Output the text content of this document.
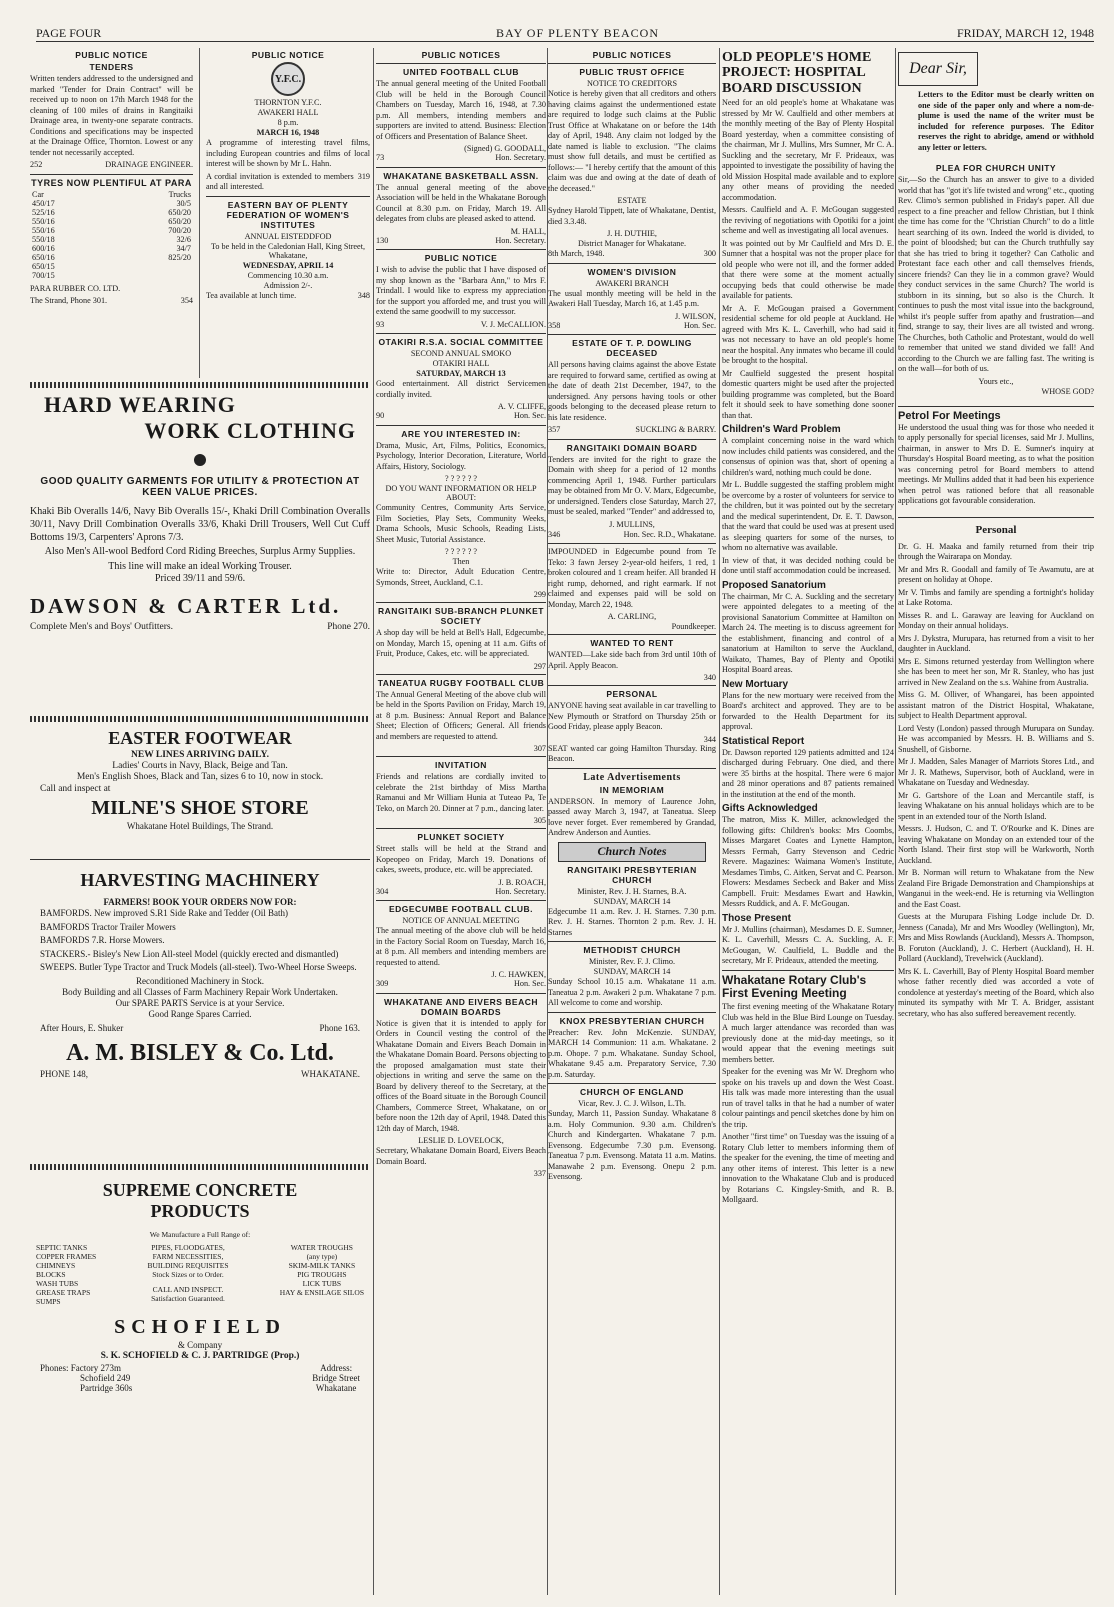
PAGE FOUR	BAY OF PLENTY BEACON	FRIDAY, MARCH 12, 1948

PUBLIC NOTICE

TENDERS

Written tenders addressed to the undersigned and marked "Tender for Drain Contract" will be received up to noon on 17th March 1948 for the cleaning of 100 miles of drains in Rangitaiki Drainage area, in twenty-one separate contracts. Conditions and specifications may be inspected at the Drainage Office, Thornton. Lowest or any tender not necessarily accepted.

252	DRAINAGE ENGINEER.

TYRES NOW PLENTIFUL AT PARA

Car	Trucks
450/17	30/5
525/16	650/20
550/16	650/20
550/16	700/20
550/18	32/6
600/16	34/7
650/16	825/20
650/15	
700/15	

PARA RUBBER CO. LTD.

The Strand, Phone 301.	354

PUBLIC NOTICE

Y.F.C.

THORNTON Y.F.C.

AWAKERI HALL

8 p.m.

MARCH 16, 1948

A programme of interesting travel films, including European countries and films of local interest will be shown by Mr L. Hahn.

A cordial invitation is extended to members and all interested.
319

EASTERN BAY OF PLENTY FEDERATION OF WOMEN'S INSTITUTES

ANNUAL EISTEDDFOD

To be held in the Caledonian Hall, King Street, Whakatane,

WEDNESDAY, APRIL 14

Commencing 10.30 a.m.

Admission 2/-.

Tea available at lunch time.	348

HARD WEARING
WORK CLOTHING

GOOD QUALITY GARMENTS FOR UTILITY & PROTECTION AT KEEN VALUE PRICES.

Khaki Bib Overalls 14/6, Navy Bib Overalls 15/-, Khaki Drill Combination Overalls 30/11, Navy Drill Combination Overalls 33/6, Khaki Drill Trousers, Well Cut Cuff Bottoms 19/3, Carpenters' Aprons 7/3.

Also Men's All-wool Bedford Cord Riding Breeches, Surplus Army Supplies.

This line will make an ideal Working Trouser.

Priced 39/11 and 59/6.

DAWSON & CARTER Ltd.

Complete Men's and Boys' Outfitters.	Phone 270.

EASTER FOOTWEAR

NEW LINES ARRIVING DAILY.

Ladies' Courts in Navy, Black, Beige and Tan.

Men's English Shoes, Black and Tan, sizes 6 to 10, now in stock.

Call and inspect at

MILNE'S SHOE STORE

Whakatane Hotel Buildings, The Strand.

HARVESTING MACHINERY

FARMERS! BOOK YOUR ORDERS NOW FOR:

BAMFORDS. New improved S.R1 Side Rake and Tedder (Oil Bath)

BAMFORDS Tractor Trailer Mowers

BAMFORDS 7.R. Horse Mowers.

STACKERS.- Bisley's New Lion All-steel Model (quickly erected and dismantled)

SWEEPS. Butler Type Tractor and Truck Models (all-steel). Two-Wheel Horse Sweeps.

Reconditioned Machinery in Stock.

Body Building and all Classes of Farm Machinery Repair Work Undertaken.

Our SPARE PARTS Service is at your Service.

Good Range Spares Carried.

After Hours, E. Shuker	Phone 163.

A. M. BISLEY & Co. Ltd.

PHONE 148,	WHAKATANE.

SUPREME CONCRETE
PRODUCTS

We Manufacture a Full Range of:

SEPTIC TANKS
COPPER FRAMES
CHIMNEYS
BLOCKS
WASH TUBS
GREASE TRAPS
SUMPS
PIPES, FLOODGATES,
FARM NECESSITIES,
BUILDING REQUISITES
Stock Sizes or to Order.
CALL AND INSPECT.
Satisfaction Guaranteed.
WATER TROUGHS
(any type)
SKIM-MILK TANKS
PIG TROUGHS
LICK TUBS
HAY & ENSILAGE SILOS
SCHOFIELD

& Company

S. K. SCHOFIELD & C. J. PARTRIDGE (Prop.)

Phones: Factory 273m
Schofield 249
Partridge 360s
Address:
Bridge Street
Whakatane

PUBLIC NOTICES

UNITED FOOTBALL CLUB

The annual general meeting of the United Football Club will be held in the Borough Council Chambers on Tuesday, March 16, 1948, at 7.30 p.m. All members, intending members and supporters are invited to attend. Business: Election of Officers and Presentation of Balance Sheet.

(Signed) G. GOODALL,

73	Hon. Secretary.

WHAKATANE BASKETBALL ASSN.

The annual general meeting of the above Association will be held in the Whakatane Borough Council at 8.30 p.m. on Friday, March 19. All delegates from clubs are pleased asked to attend.

M. HALL,

130	Hon. Secretary.

PUBLIC NOTICE

I wish to advise the public that I have disposed of my shop known as the "Barbara Ann," to Mrs F. Trindall. I would like to express my appreciation for the support you afforded me, and trust you will extend the same goodwill to my successor.

93	V. J. McCALLION.

OTAKIRI R.S.A. SOCIAL COMMITTEE

SECOND ANNUAL SMOKO

OTAKIRI HALL

SATURDAY, MARCH 13

Good entertainment. All district Servicemen cordially invited.

A. V. CLIFFE,

90	Hon. Sec.

ARE YOU INTERESTED IN:

Drama, Music, Art, Films, Politics, Economics, Psychology, Interior Decoration, Literature, World Affairs, History, Sociology.

? ? ? ? ? ?

DO YOU WANT INFORMATION OR HELP ABOUT:

Community Centres, Community Arts Service, Film Societies, Play Sets, Community Weeks, Drama Schools, Music Schools, Reading Lists, Sheet Music, Tutorial Assistance.

? ? ? ? ? ?

Then

Write to: Director, Adult Education Centre, Symonds, Street, Auckland, C.1.

299

RANGITAIKI SUB-BRANCH PLUNKET SOCIETY

A shop day will be held at Bell's Hall, Edgecumbe, on Monday, March 15, opening at 11 a.m. Gifts of Fruit, Produce, Cakes, etc. will be appreciated.

297

TANEATUA RUGBY FOOTBALL CLUB

The Annual General Meeting of the above club will be held in the Sports Pavilion on Friday, March 19, at 8 p.m. Business: Annual Report and Balance Sheet; Election of Officers; General. All friends and members are requested to attend.

307

INVITATION

Friends and relations are cordially invited to celebrate the 21st birthday of Miss Martha Ramanui and Mr William Hunia at Tuteao Pa, Te Teko, on March 20. Dinner at 7 p.m., dancing later.

305

PLUNKET SOCIETY

Street stalls will be held at the Strand and Kopeopeo on Friday, March 19. Donations of cakes, sweets, produce, etc. will be appreciated.

J. B. ROACH,

304	Hon. Secretary.

EDGECUMBE FOOTBALL CLUB.

NOTICE OF ANNUAL MEETING

The annual meeting of the above club will be held in the Factory Social Room on Tuesday, March 16, at 8 p.m. All members and intending members are requested to attend.

J. C. HAWKEN,

309	Hon. Sec.

WHAKATANE AND EIVERS BEACH DOMAIN BOARDS

Notice is given that it is intended to apply for Orders in Council vesting the control of the Whakatane Domain and Eivers Beach Domain in the Whakatane Domain Board. Persons objecting to the proposed amalgamation must state their objections in writing and serve the same on the Board by delivery thereof to the Secretary, at the offices of the Board situate in the Borough Council Chambers, Commerce Street, Whakatane, on or before noon the 12th day of April, 1948. Dated this 12th day of March, 1948.

LESLIE D. LOVELOCK,

Secretary, Whakatane Domain Board, Eivers Beach Domain Board.

337

PUBLIC NOTICES

PUBLIC TRUST OFFICE

NOTICE TO CREDITORS

Notice is hereby given that all creditors and others having claims against the undermentioned estate are required to lodge such claims at the Public Trust Office at Whakatane on or before the 14th day of April, 1948. Any claim not lodged by the date named is liable to exclusion. "The claims must show full details, and must be certified as follows:— "I hereby certify that the amount of this claim was due and owing at the date of death of the deceased."

ESTATE

Sydney Harold Tippett, late of Whakatane, Dentist, died 3.3.48.

J. H. DUTHIE,

District Manager for Whakatane.

8th March, 1948.	300

WOMEN'S DIVISION

AWAKERI BRANCH

The usual monthly meeting will be held in the Awakeri Hall Tuesday, March 16, at 1.45 p.m.

J. WILSON,

358	Hon. Sec.

ESTATE OF T. P. DOWLING DECEASED

All persons having claims against the above Estate are required to forward same, certified as owing at the date of death 21st December, 1947, to the undersigned. Any persons having tools or other goods belonging to the deceased please return to his late residence.

357	SUCKLING & BARRY.

RANGITAIKI DOMAIN BOARD

Tenders are invited for the right to graze the Domain with sheep for a period of 12 months commencing April 1, 1948. Further particulars may be obtained from Mr O. V. Marx, Edgecumbe, or undersigned. Tenders close Saturday, March 27, must be sealed, marked "Tender" and addressed to,

J. MULLINS,

346	Hon. Sec. R.D., Whakatane.

IMPOUNDED in Edgecumbe pound from Te Teko: 3 fawn Jersey 2-year-old heifers, 1 red, 1 broken coloured and 1 cream heifer. All branded H right rump, dehorned, and right earmark. If not claimed and expenses paid will be sold on Monday, March 22, 1948.

A. CARLING,

Poundkeeper.

WANTED TO RENT

WANTED—Lake side bach from 3rd until 10th of April. Apply Beacon.

340

PERSONAL

ANYONE having seat available in car travelling to New Plymouth or Stratford on Thursday 25th or Good Friday, please apply Beacon.

344

SEAT wanted car going Hamilton Thursday. Ring Beacon.

Late Advertisements

IN MEMORIAM

ANDERSON. In memory of Laurence John, passed away March 3, 1947, at Taneatua. Sleep love never forget. Ever remembered by Grandad, Andrew Anderson and Aunties.

Church Notes

RANGITAIKI PRESBYTERIAN CHURCH

Minister, Rev. J. H. Starnes, B.A.

SUNDAY, MARCH 14

Edgecumbe 11 a.m. Rev. J. H. Starnes. 7.30 p.m. Rev. J. H. Starnes. Thornton 2 p.m. Rev. J. H. Starnes

METHODIST CHURCH

Minister, Rev. F. J. Climo.

SUNDAY, MARCH 14

Sunday School 10.15 a.m. Whakatane 11 a.m. Taneatua 2 p.m. Awakeri 2 p.m. Whakatane 7 p.m. All welcome to come and worship.

KNOX PRESBYTERIAN CHURCH

Preacher: Rev. John McKenzie. SUNDAY, MARCH 14 Communion: 11 a.m. Whakatane. 2 p.m. Ohope. 7 p.m. Whakatane. Sunday School, Whakatane 9.45 a.m. Preparatory Service, 7.30 p.m. Saturday.

CHURCH OF ENGLAND

Vicar, Rev. J. C. J. Wilson, L.Th.

Sunday, March 11, Passion Sunday. Whakatane 8 a.m. Holy Communion. 9.30 a.m. Children's Church and Kindergarten. Whakatane 7 p.m. Evensong. Edgecumbe 7.30 p.m. Evensong. Taneatua 7 p.m. Evensong. Matata 11 a.m. Matins. Manawahe 2 p.m. Evensong. Onepu 2 p.m. Evensong.

OLD PEOPLE'S HOME PROJECT: HOSPITAL BOARD DISCUSSION

Need for an old people's home at Whakatane was stressed by Mr W. Caulfield and other members at the monthly meeting of the Bay of Plenty Hospital Board yesterday, when a committee consisting of the chairman, Mr J. Mullins, Mrs Sumner, Mr C. A. Suckling and the secretary, Mr F. Prideaux, was appointed to investigate the possibility of having the old Mission Hospital made available and to explore any other means of providing the needed accommodation.

Messrs. Caulfield and A. F. McGougan suggested the reviving of negotiations with Opotiki for a joint scheme and well as investigating all local avenues.

It was pointed out by Mr Caulfield and Mrs D. E. Sumner that a hospital was not the proper place for old people who were not ill, and the former added that there were some at the moment actually occupying beds that could otherwise be made available for patients.

Mr A. F. McGougan praised a Government residential scheme for old people at Auckland. He agreed with Mrs K. L. Caverhill, who had said it was not necessary to have an old people's home near the hospital. Any inmates who became ill could be brought to the hospital.

Mr Caulfield suggested the present hospital domestic quarters might be used after the projected building programme was completed, but the Board felt it should seek to have something done sooner than that.

Children's Ward Problem

A complaint concerning noise in the ward which now includes child patients was considered, and the consensus of opinion was that, short of opening a children's ward, nothing much could be done.

Mr L. Buddle suggested the staffing problem might be overcome by a roster of volunteers for service to the children, but it was pointed out by the secretary and the medical superintendent, Dr. E. T. Dawson, that the ward that could be used was at present used as sleeping quarters for some of the nurses, to whom no alternative was available.

In view of that, it was decided nothing could be done until staff accommodation could be increased.

Proposed Sanatorium

The chairman, Mr C. A. Suckling and the secretary were appointed delegates to a meeting of the provisional Sanatorium Committee at Hamilton on March 24. The meeting is to discuss agreement for the establishment, financing and control of a sanatorium at Hamilton to serve the Auckland, Waikato, Thames, Bay of Plenty and Opotiki Hospital Board areas.

New Mortuary

Plans for the new mortuary were received from the Board's architect and approved. They are to be forwarded to the Health Department for its approval.

Statistical Report

Dr. Dawson reported 129 patients admitted and 124 discharged during February. One died, and there were 35 births at the hospital. There were 6 major and 28 minor operations and 87 patients remained in the institution at the end of the month.

Gifts Acknowledged

The matron, Miss K. Miller, acknowledged the following gifts: Children's books: Mrs Coombs, Misses Margaret Coates and Lynette Hampton, Messrs Fermah, Garry Stevenson and Cedric Revere. Magazines: Waimana Women's Institute, Mesdames Timbs, C. Aitken, Servat and C. Pearson. Flowers: Mesdames Secbeck and Baker and Miss Campbell. Fruit: Mesdames Ewart and Hawkin, Messrs Ruddick, and A. F. McGougan.

Those Present

Mr J. Mullins (chairman), Mesdames D. E. Sumner, K. L. Caverhill, Messrs C. A. Suckling, A. F. McGougan, W. Caulfield, L. Buddle and the secretary, Mr F. Prideaux, attended the meeting.

Whakatane Rotary Club's First Evening Meeting

The first evening meeting of the Whakatane Rotary Club was held in the Blue Bird Lounge on Tuesday. A much larger attendance was recorded than was previously done at the mid-day meetings, so it would appear that the evening meetings suit members better.

Speaker for the evening was Mr W. Dreghorn who spoke on his travels up and down the West Coast. His talk was made more interesting than the usual run of travel talks in that he had a number of water colour paintings and pencil sketches done by him on the trip.

Another "first time" on Tuesday was the issuing of a Rotary Club letter to members informing them of the speaker for the evening, the time of meeting and any other items of interest. This letter is a new innovation to the Whakatane Club and is produced by Rotarians C. Kingsley-Smith, and R. B. Mollgaard.

Dear Sir,

Letters to the Editor must be clearly written on one side of the paper only and where a nom-de-plume is used the name of the writer must be included for reference purposes. The Editor reserves the right to abridge, amend or withhold any letter or letters.

PLEA FOR CHURCH UNITY

Sir,—So the Church has an answer to give to a divided world that has "got it's life twisted and wrong" etc., quoting Rev. Climo's sermon published in Friday's paper. All due respect to a fine preacher and fellow Christian, but I think the time has come for the "Christian Church" to do a little heart searching of its own. Indeed the world is divided, to the point of bloodshed; but can the Church truthfully say that she has tried to bring it together? Can Catholic and Protestant face each other and call themselves friends, sincere friends? Can they lie in a common grave? Would they conduct services in the same Church? The world is stubborn in its sinning, but so also is the Church. It continues to push the most vital issue into the background, whilst it's people suffer from apathy and frustration—and find, strange to say, their lives are all twisted and wrong. The Churches, both Catholic and Protestant, would do well to remember that united we stand divided we fall! And according to the Church we are falling fast. The writing is on the wall—for both of us.

Yours etc.,

WHOSE GOD?

Petrol For Meetings

He understood the usual thing was for those who needed it to apply personally for special licenses, said Mr J. Mullins, chairman, in answer to Mrs D. E. Sumner's inquiry at Thursday's Hospital Board meeting, as to what the position was concerning petrol for Board members to attend meetings. Mr Mullins added that it had been his experience when petrol was rationed before that all reasonable applications got favourable consideration.

Personal

Dr. G. H. Maaka and family returned from their trip through the Wairarapa on Monday.

Mr and Mrs R. Goodall and family of Te Awamutu, are at present on holiday at Ohope.

Mr V. Timbs and family are spending a fortnight's holiday at Lake Rotoma.

Misses R. and L. Garaway are leaving for Auckland on Monday on their annual holidays.

Mrs J. Dykstra, Murupara, has returned from a visit to her daughter in Auckland.

Mrs E. Simons returned yesterday from Wellington where she has been to meet her son, Mr R. Stanley, who has just arrived in New Zealand on the s.s. Wahine from Australia.

Miss G. M. Olliver, of Whangarei, has been appointed assistant matron of the District Hospital, Whakatane, subject to Health Department approval.

Lord Vesty (London) passed through Murupara on Sunday. He was accompanied by Messrs. H. B. Williams and S. Snushell, of Gisborne.

Mr J. Madden, Sales Manager of Marriots Stores Ltd., and Mr J. R. Mathews, Supervisor, both of Auckland, were in Whakatane on Tuesday and Wednesday.

Mr G. Gartshore of the Loan and Mercantile staff, is leaving Whakatane on his annual holidays which are to be spent in an extended tour of the North Island.

Messrs. J. Hudson, C. and T. O'Rourke and K. Dines are leaving Whakatane on Monday on an extended tour of the North Island. Their first stop will be Warkworth, North Auckland.

Mr B. Norman will return to Whakatane from the New Zealand Fire Brigade Demonstration and Championships at Wanganui in the week-end. He is returning via Wellington and the East Coast.

Guests at the Murupara Fishing Lodge include Dr. D. Jenness (Canada), Mr and Mrs Woodley (Wellington), Mr, Mrs and Miss Rowlands (Auckland), Messrs A. Thompson, B. Foruton (Auckland), J. C. Herbert (Auckland), H. H. Pollard (Auckland), Trevelwick (Auckland).

Mrs K. L. Caverhill, Bay of Plenty Hospital Board member whose father recently died was accorded a vote of condolence at yesterday's meeting of the Board, which also minuted its sympathy with Mr T. A. Bridger, assistant secretary, who has also suffered bereavement recently.
